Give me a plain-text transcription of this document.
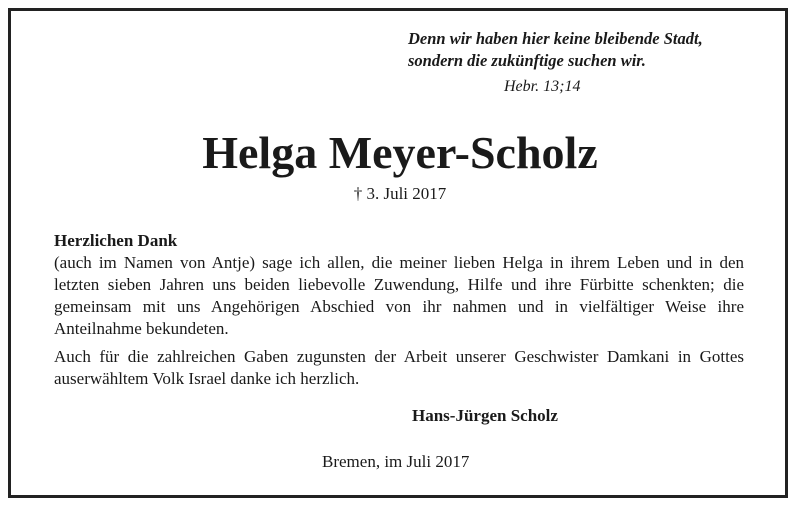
Denn wir haben hier keine bleibende Stadt,
sondern die zukünftige suchen wir.
Hebr. 13;14
Helga Meyer-Scholz
† 3. Juli 2017

Herzlichen Dank

(auch im Namen von Antje) sage ich allen, die meiner lieben Helga in ihrem Leben und in den letzten sieben Jahren uns beiden liebevolle Zuwendung, Hilfe und ihre Fürbitte schenkten; die gemeinsam mit uns Angehörigen Abschied von ihr nahmen und in vielfältiger Weise ihre Anteilnahme bekundeten.

Auch für die zahlreichen Gaben zugunsten der Arbeit unserer Geschwister Damkani in Gottes auserwähltem Volk Israel danke ich herzlich.

Hans-Jürgen Scholz
Bremen, im Juli 2017
